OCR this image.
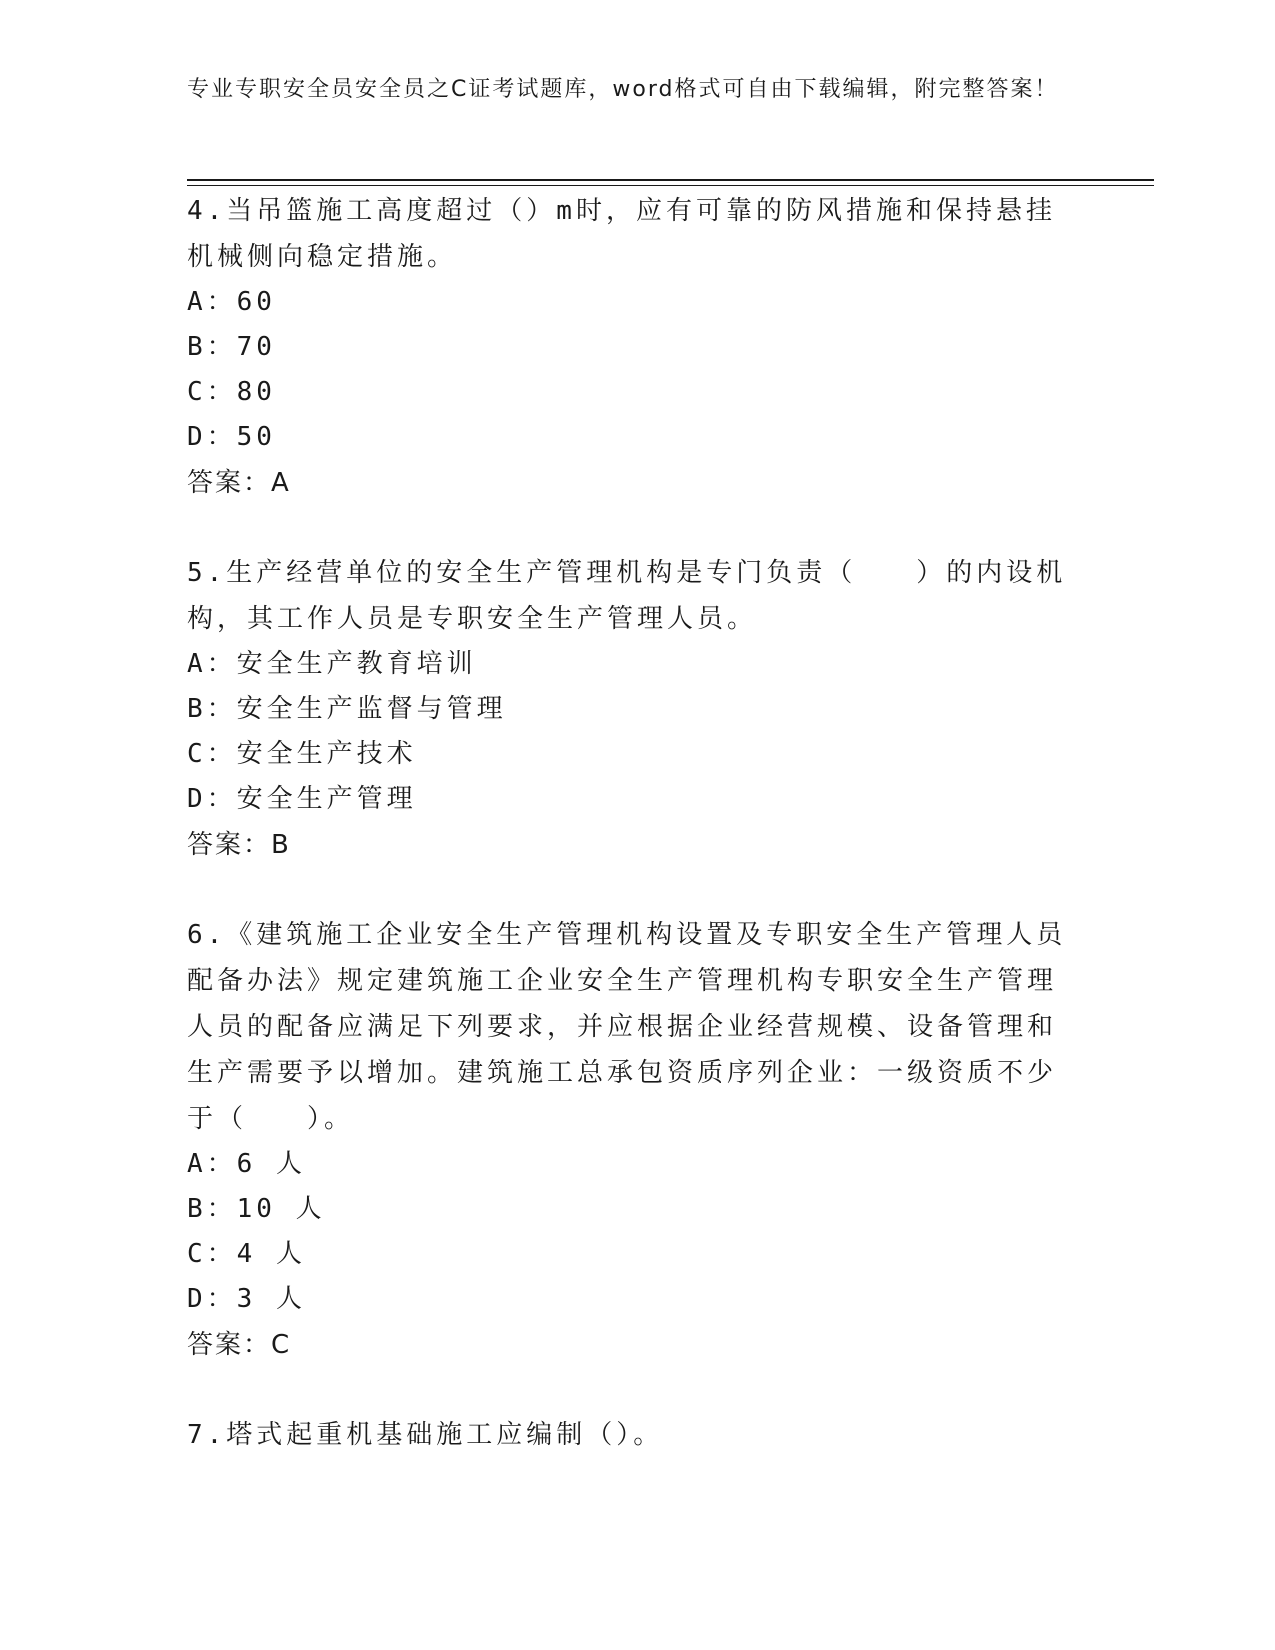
专业专职安全员安全员之C证考试题库，word格式可自由下载编辑，附完整答案！

4.当吊篮施工高度超过（）m时，应有可靠的防风措施和保持悬挂机械侧向稳定措施。

A：60

B：70

C：80

D：50

答案：A

5.生产经营单位的安全生产管理机构是专门负责（　　）的内设机构，其工作人员是专职安全生产管理人员。

A：安全生产教育培训

B：安全生产监督与管理

C：安全生产技术

D：安全生产管理

答案：B

6.《建筑施工企业安全生产管理机构设置及专职安全生产管理人员配备办法》规定建筑施工企业安全生产管理机构专职安全生产管理人员的配备应满足下列要求，并应根据企业经营规模、设备管理和生产需要予以增加。建筑施工总承包资质序列企业：一级资质不少于（　　）。

A：6 人

B：10 人

C：4 人

D：3 人

答案：C

7.塔式起重机基础施工应编制（）。
